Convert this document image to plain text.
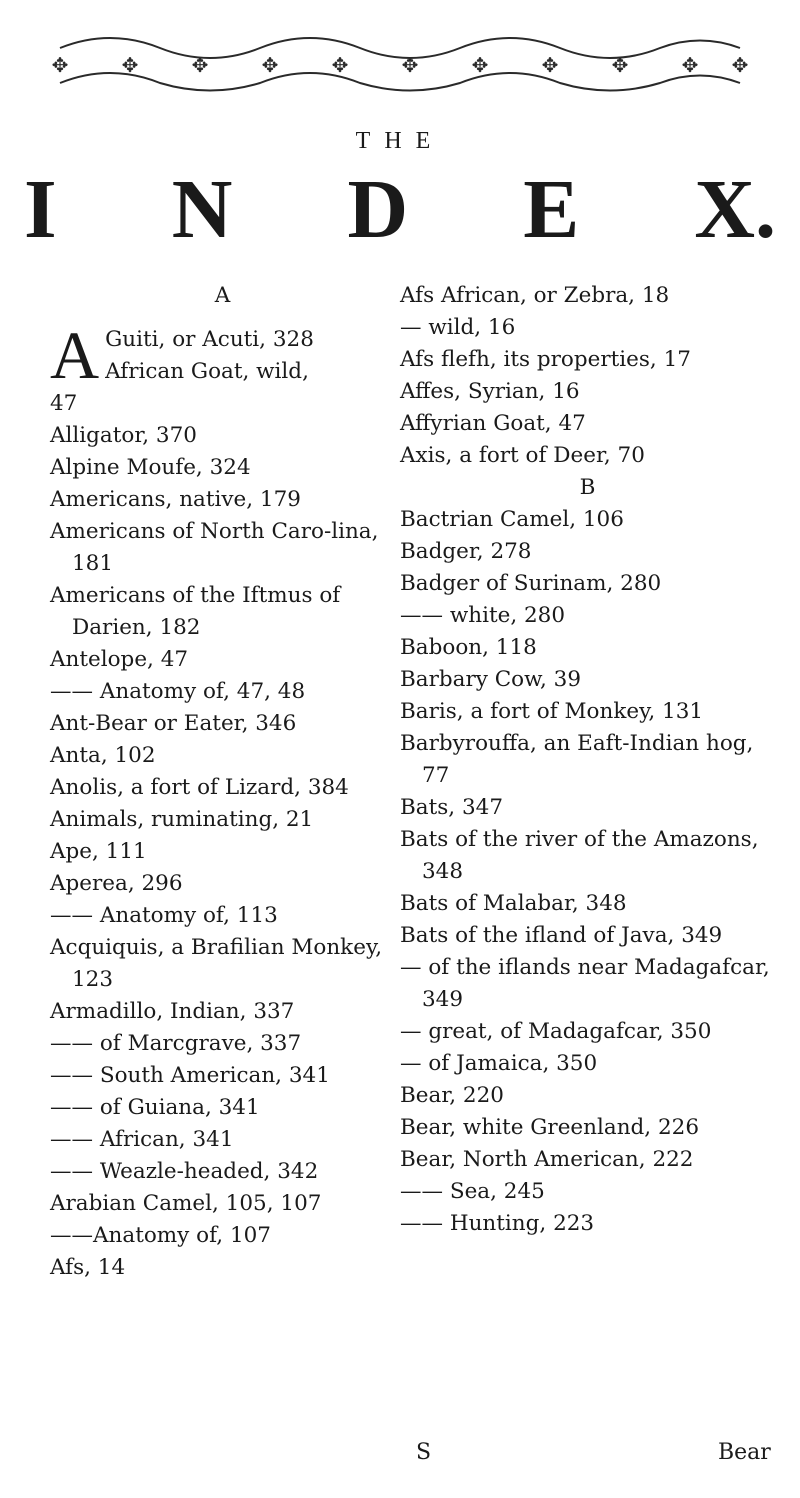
✥	✥	✥	✥	✥	✥	✥	✥	✥	✥ ✥
THE
I N D E X.
A
A Guiti, or Acuti, 328
African Goat, wild,
47
Alligator, 370
Alpine Moufe, 324
Americans, native, 179
Americans of North Caro-lina, 181
Americans of the Iftmus of Darien, 182
Antelope, 47
—— Anatomy of, 47, 48
Ant-Bear or Eater, 346
Anta, 102
Anolis, a fort of Lizard, 384
Animals, ruminating, 21
Ape, 111
Aperea, 296
—— Anatomy of, 113
Acquiquis, a Brafilian Monkey, 123
Armadillo, Indian, 337
—— of Marcgrave, 337
—— South American, 341
—— of Guiana, 341
—— African, 341
—— Weazle-headed, 342
Arabian Camel, 105, 107
——Anatomy of, 107
Afs, 14
Afs African, or Zebra, 18
— wild, 16
Afs flefh, its properties, 17
Affes, Syrian, 16
Affyrian Goat, 47
Axis, a fort of Deer, 70
B
Bactrian Camel, 106
Badger, 278
Badger of Surinam, 280
—— white, 280
Baboon, 118
Barbary Cow, 39
Baris, a fort of Monkey, 131
Barbyrouffa, an Eaft-Indian hog, 77
Bats, 347
Bats of the river of the Amazons, 348
Bats of Malabar, 348
Bats of the ifland of Java, 349
— of the iflands near Madagafcar, 349
— great, of Madagafcar, 350
— of Jamaica, 350
Bear, 220
Bear, white Greenland, 226
Bear, North American, 222
—— Sea, 245
—— Hunting, 223
S	Bear
